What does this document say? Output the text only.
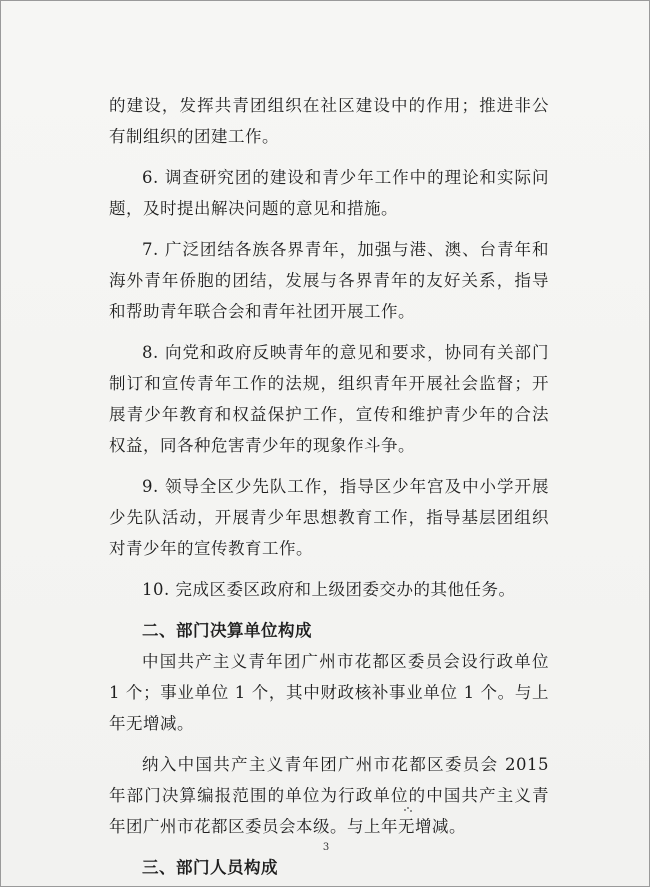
的建设，发挥共青团组织在社区建设中的作用；推进非公有制组织的团建工作。

6. 调查研究团的建设和青少年工作中的理论和实际问题，及时提出解决问题的意见和措施。

7. 广泛团结各族各界青年，加强与港、澳、台青年和海外青年侨胞的团结，发展与各界青年的友好关系，指导和帮助青年联合会和青年社团开展工作。

8. 向党和政府反映青年的意见和要求，协同有关部门制订和宣传青年工作的法规，组织青年开展社会监督；开展青少年教育和权益保护工作，宣传和维护青少年的合法权益，同各种危害青少年的现象作斗争。

9. 领导全区少先队工作，指导区少年宫及中小学开展少先队活动，开展青少年思想教育工作，指导基层团组织对青少年的宣传教育工作。

10. 完成区委区政府和上级团委交办的其他任务。

二、部门决算单位构成

中国共产主义青年团广州市花都区委员会设行政单位 1 个；事业单位 1 个，其中财政核补事业单位 1 个。与上年无增减。

纳入中国共产主义青年团广州市花都区委员会 2015 年部门决算编报范围的单位为行政单位的中国共产主义青年团广州市花都区委员会本级。与上年无增减。

三、部门人员构成
3
